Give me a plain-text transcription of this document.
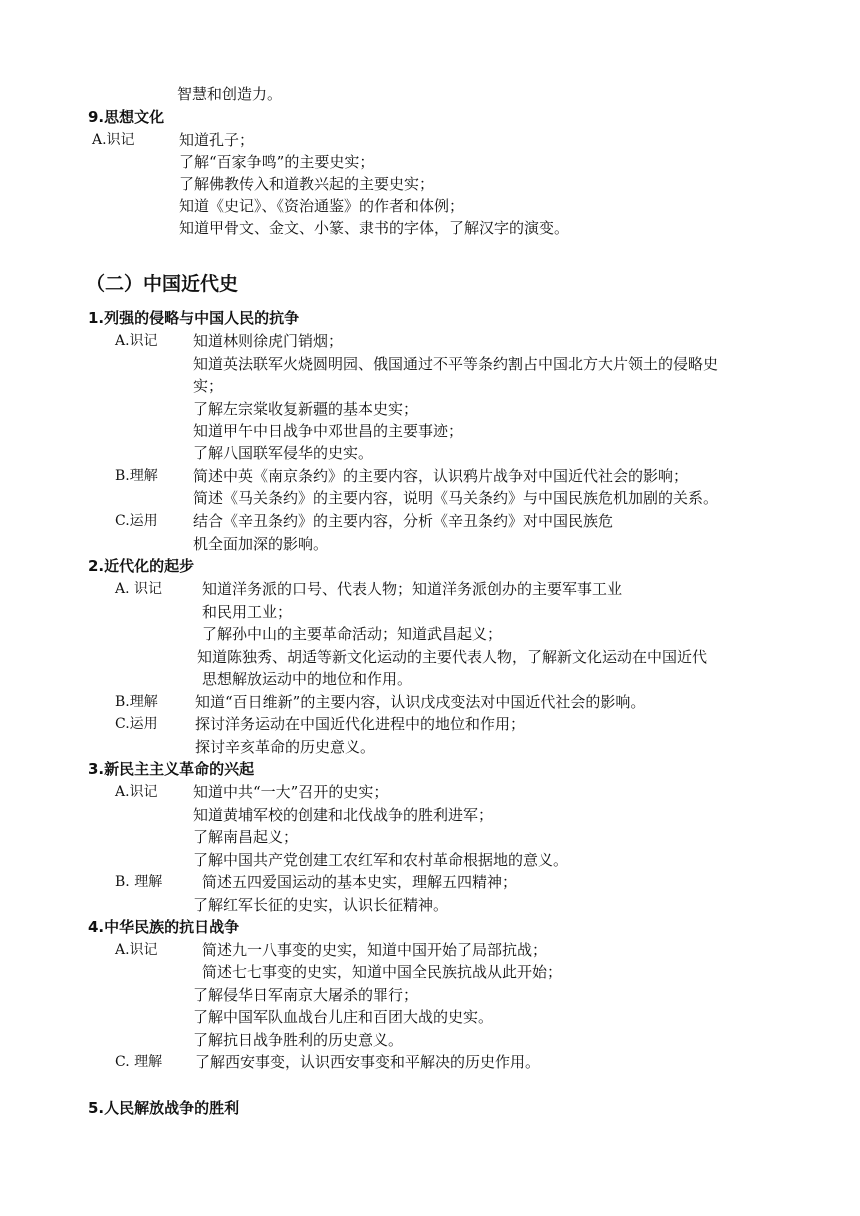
智慧和创造力。
9.思想文化
A.识记	知道孔子；
了解“百家争鸣”的主要史实；
了解佛教传入和道教兴起的主要史实；
知道《史记》、《资治通鉴》的作者和体例；
知道甲骨文、金文、小篆、隶书的字体，了解汉字的演变。
（二）中国近代史
1.列强的侵略与中国人民的抗争
A.识记 知道林则徐虎门销烟；
知道英法联军火烧圆明园、俄国通过不平等条约割占中国北方大片领土的侵略史
实；
了解左宗棠收复新疆的基本史实；
知道甲午中日战争中邓世昌的主要事迹；
了解八国联军侵华的史实。
B.理解 简述中英《南京条约》的主要内容，认识鸦片战争对中国近代社会的影响；
简述《马关条约》的主要内容，说明《马关条约》与中国民族危机加剧的关系。
C.运用 结合《辛丑条约》的主要内容，分析《辛丑条约》对中国民族危
机全面加深的影响。
2.近代化的起步
A. 识记	知道洋务派的口号、代表人物；知道洋务派创办的主要军事工业
和民用工业；
了解孙中山的主要革命活动；知道武昌起义；
知道陈独秀、胡适等新文化运动的主要代表人物，了解新文化运动在中国近代
思想解放运动中的地位和作用。
B.理解 知道“百日维新”的主要内容，认识戊戌变法对中国近代社会的影响。
C.运用 探讨洋务运动在中国近代化进程中的地位和作用；
探讨辛亥革命的历史意义。
3.新民主主义革命的兴起
A.识记 知道中共“一大”召开的史实；
知道黄埔军校的创建和北伐战争的胜利进军；
了解南昌起义；
了解中国共产党创建工农红军和农村革命根据地的意义。
B. 理解	简述五四爱国运动的基本史实，理解五四精神；
了解红军长征的史实，认识长征精神。
4.中华民族的抗日战争
A.识记	简述九一八事变的史实，知道中国开始了局部抗战；
简述七七事变的史实，知道中国全民族抗战从此开始；
了解侵华日军南京大屠杀的罪行；
了解中国军队血战台儿庄和百团大战的史实。
了解抗日战争胜利的历史意义。
C. 理解 了解西安事变，认识西安事变和平解决的历史作用。
5.人民解放战争的胜利
